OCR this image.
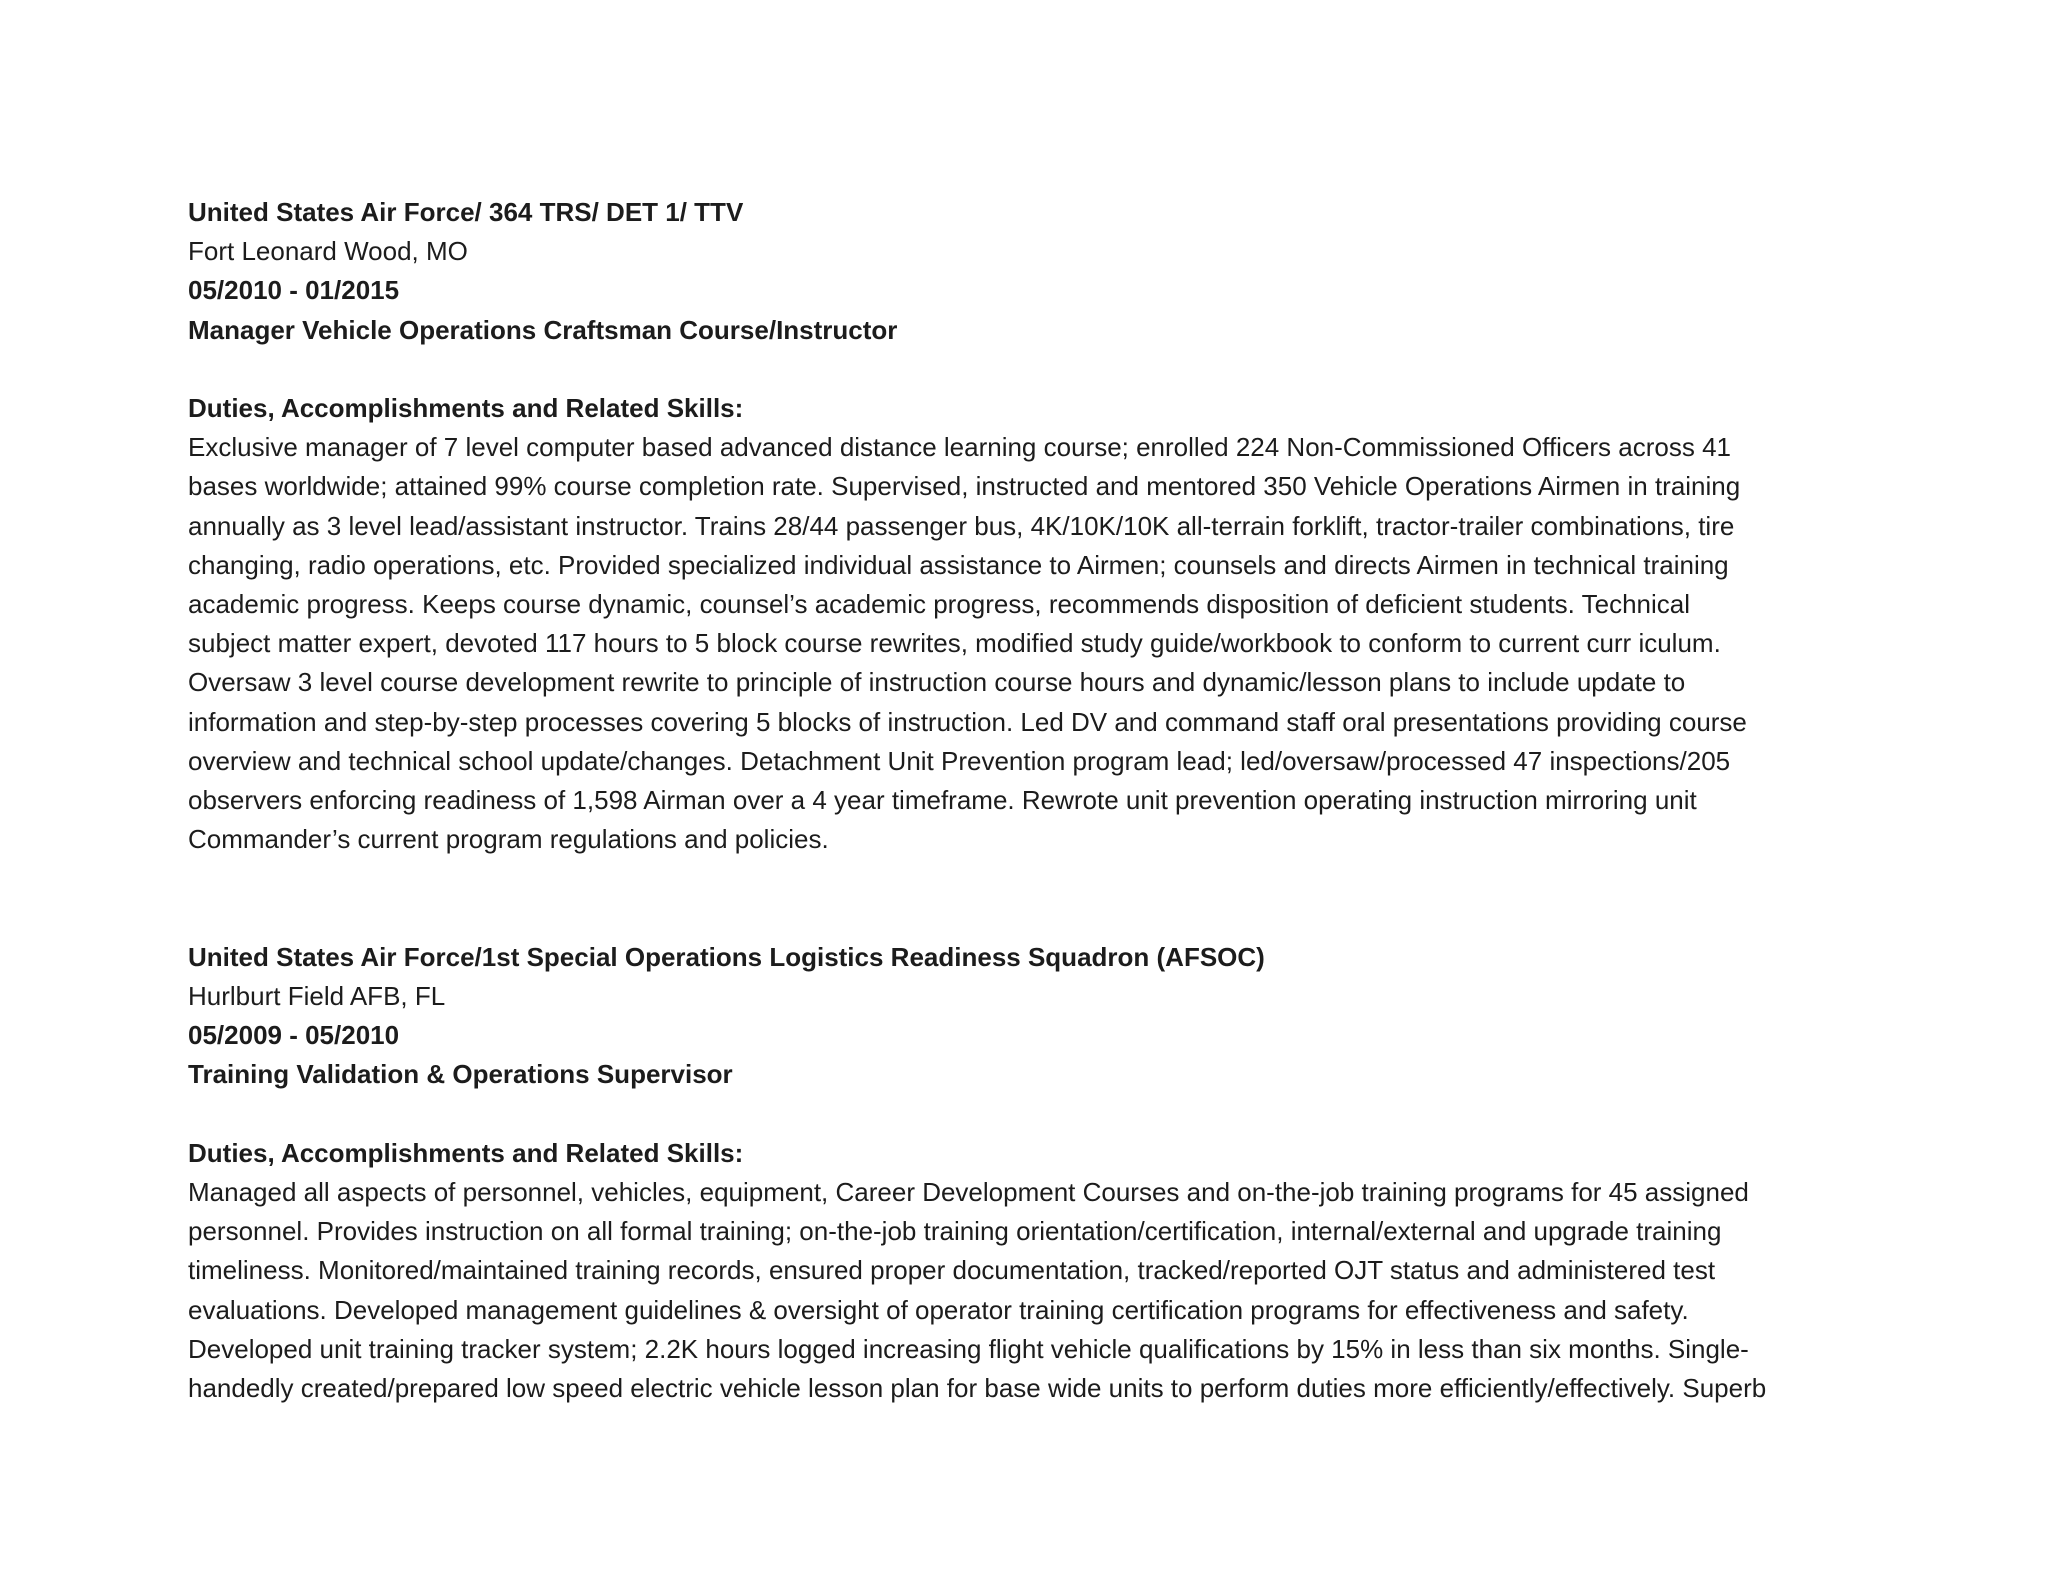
United States Air Force/ 364 TRS/ DET 1/ TTV
Fort Leonard Wood, MO
05/2010 - 01/2015
Manager Vehicle Operations Craftsman Course/Instructor
Duties, Accomplishments and Related Skills:
Exclusive manager of 7 level computer based advanced distance learning course; enrolled 224 Non-Commissioned Officers across 41
bases worldwide; attained 99% course completion rate. Supervised, instructed and mentored 350 Vehicle Operations Airmen in training
annually as 3 level lead/assistant instructor. Trains 28/44 passenger bus, 4K/10K/10K all-terrain forklift, tractor-trailer combinations, tire
changing, radio operations, etc. Provided specialized individual assistance to Airmen; counsels and directs Airmen in technical training
academic progress. Keeps course dynamic, counsel’s academic progress, recommends disposition of deficient students. Technical
subject matter expert, devoted 117 hours to 5 block course rewrites, modified study guide/workbook to conform to current curr iculum.
Oversaw 3 level course development rewrite to principle of instruction course hours and dynamic/lesson plans to include update to
information and step-by-step processes covering 5 blocks of instruction. Led DV and command staff oral presentations providing course
overview and technical school update/changes. Detachment Unit Prevention program lead; led/oversaw/processed 47 inspections/205
observers enforcing readiness of 1,598 Airman over a 4 year timeframe. Rewrote unit prevention operating instruction mirroring unit
Commander’s current program regulations and policies.
United States Air Force/1st Special Operations Logistics Readiness Squadron (AFSOC)
Hurlburt Field AFB, FL
05/2009 - 05/2010
Training Validation & Operations Supervisor
Duties, Accomplishments and Related Skills:
Managed all aspects of personnel, vehicles, equipment, Career Development Courses and on-the-job training programs for 45 assigned
personnel. Provides instruction on all formal training; on-the-job training orientation/certification, internal/external and upgrade training
timeliness. Monitored/maintained training records, ensured proper documentation, tracked/reported OJT status and administered test
evaluations. Developed management guidelines & oversight of operator training certification programs for effectiveness and safety.
Developed unit training tracker system; 2.2K hours logged increasing flight vehicle qualifications by 15% in less than six months. Single-
handedly created/prepared low speed electric vehicle lesson plan for base wide units to perform duties more efficiently/effectively. Superb
